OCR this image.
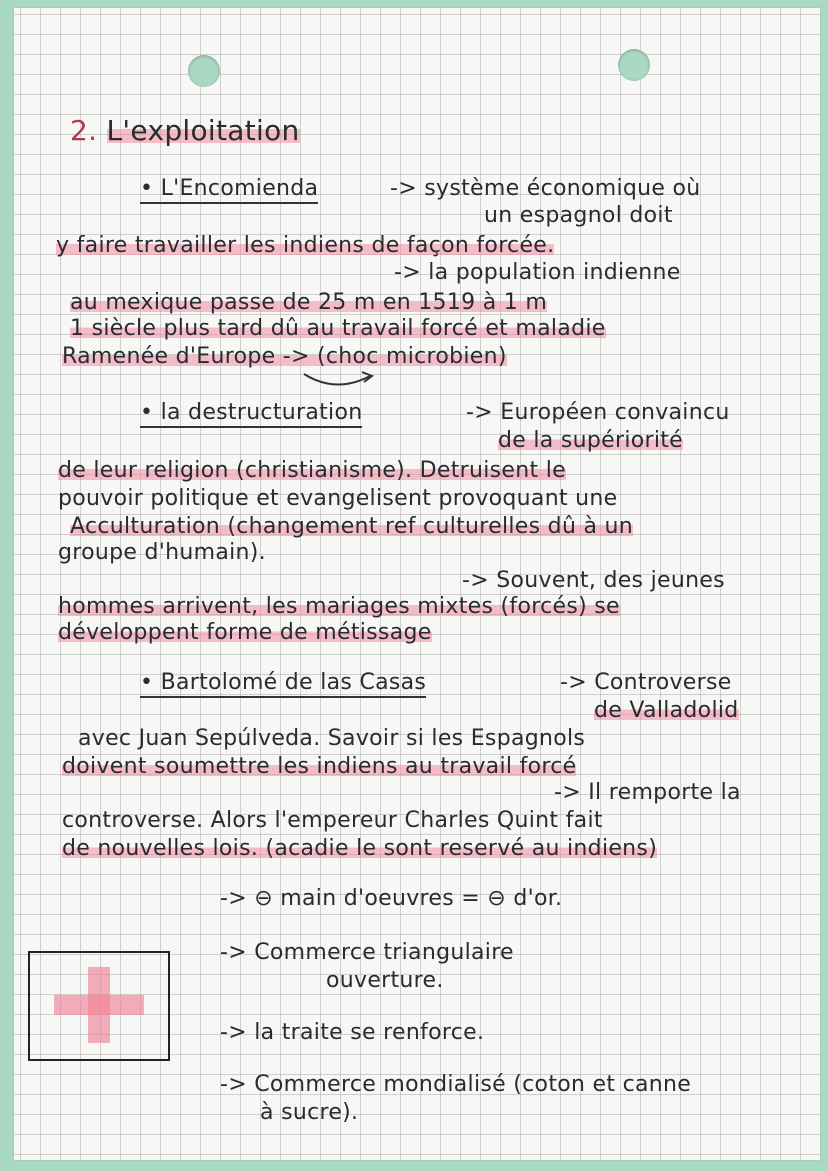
2. L'exploitation
• L'Encomienda	-> système économique où
un espagnol doit
y faire travailler les indiens de façon forcée.
-> la population indienne
au mexique passe de 25 m en 1519 à 1 m
1 siècle plus tard dû au travail forcé et maladie
Ramenée d'Europe -> (choc microbien)
• la destructuration	-> Européen convaincu
de la supériorité
de leur religion (christianisme). Detruisent le
pouvoir politique et evangelisent provoquant une
Acculturation (changement ref culturelles dû à un
groupe d'humain).
-> Souvent, des jeunes
hommes arrivent, les mariages mixtes (forcés) se
développent forme de métissage
• Bartolomé de las Casas	-> Controverse
de Valladolid
avec Juan Sepúlveda. Savoir si les Espagnols
doivent soumettre les indiens au travail forcé
-> Il remporte la
controverse. Alors l'empereur Charles Quint fait
de nouvelles lois. (acadie le sont reservé au indiens)
-> ⊖ main d'oeuvres = ⊖ d'or.
-> Commerce triangulaire
ouverture.
-> la traite se renforce.
-> Commerce mondialisé (coton et canne
à sucre).
